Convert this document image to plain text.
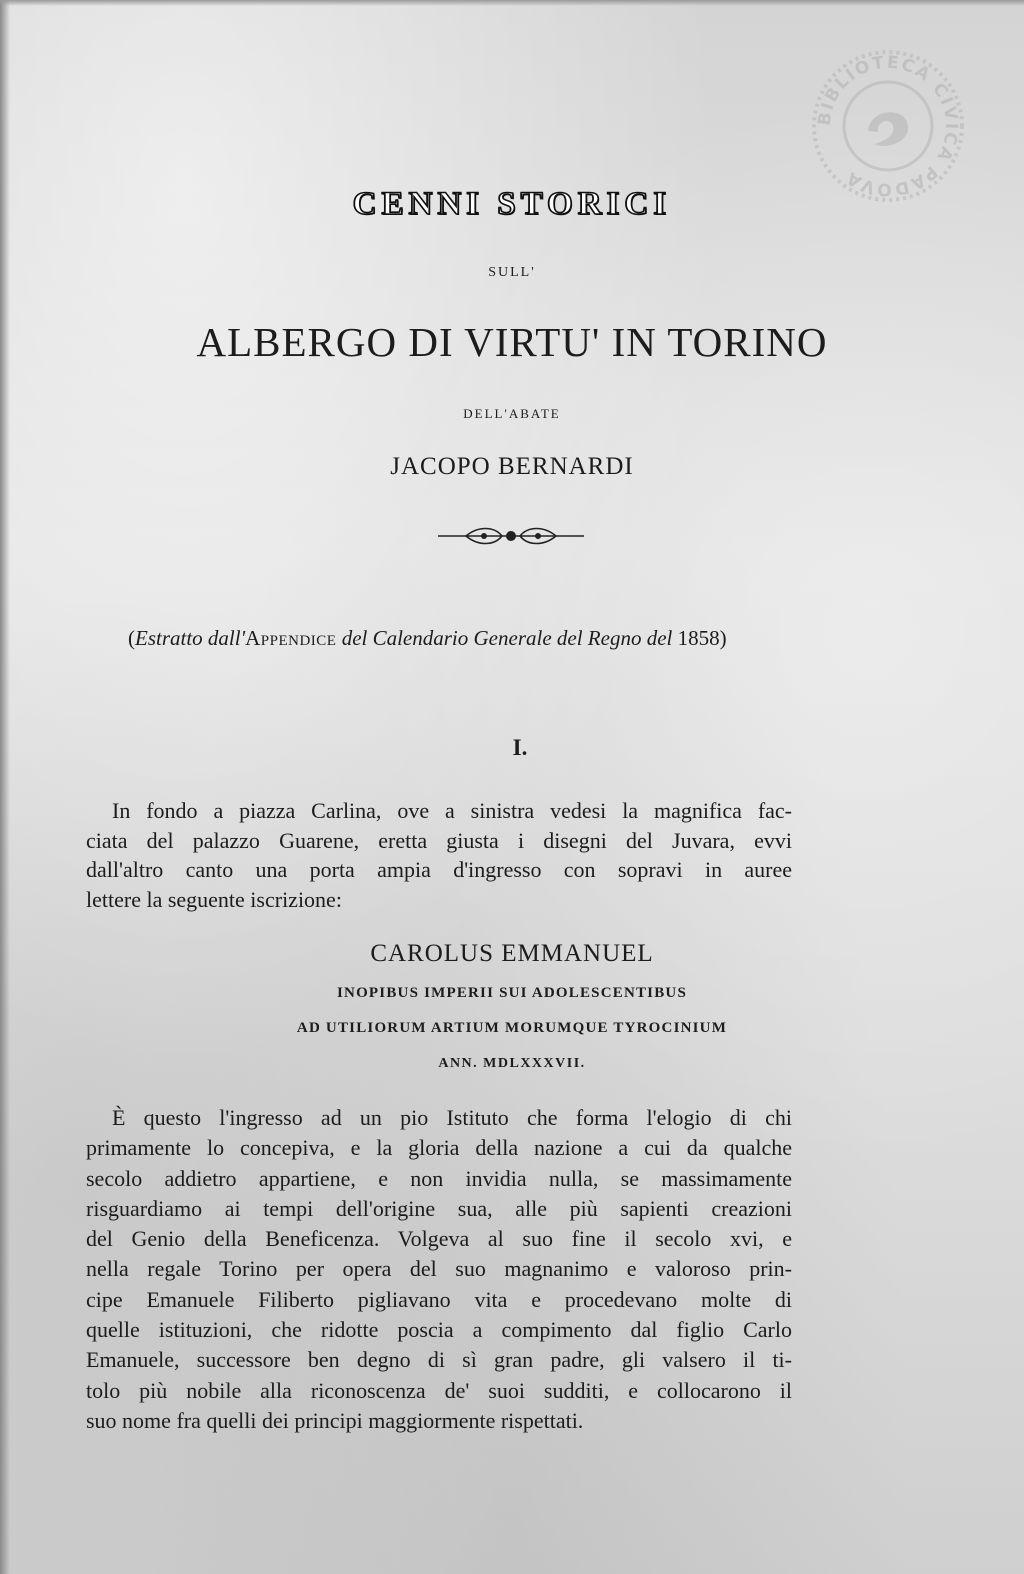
BIBLIOTECA CIVICA PADOVA
CENNI STORICI
SULL'
ALBERGO DI VIRTU' IN TORINO
DELL'ABATE
JACOPO BERNARDI
(Estratto dall'Appendice del Calendario Generale del Regno del 1858)
I.
In fondo a piazza Carlina, ove a sinistra vedesi la magnifica fac-
ciata del palazzo Guarene, eretta giusta i disegni del Juvara, evvi
dall'altro canto una porta ampia d'ingresso con sopravi in auree
lettere la seguente iscrizione:
CAROLUS EMMANUEL
INOPIBUS IMPERII SUI ADOLESCENTIBUS
AD UTILIORUM ARTIUM MORUMQUE TYROCINIUM
ANN. MDLXXXVII.
È questo l'ingresso ad un pio Istituto che forma l'elogio di chi
primamente lo concepiva, e la gloria della nazione a cui da qualche
secolo addietro appartiene, e non invidia nulla, se massimamente
risguardiamo ai tempi dell'origine sua, alle più sapienti creazioni
del Genio della Beneficenza. Volgeva al suo fine il secolo xvi, e
nella regale Torino per opera del suo magnanimo e valoroso prin-
cipe Emanuele Filiberto pigliavano vita e procedevano molte di
quelle istituzioni, che ridotte poscia a compimento dal figlio Carlo
Emanuele, successore ben degno di sì gran padre, gli valsero il ti-
tolo più nobile alla riconoscenza de' suoi sudditi, e collocarono il
suo nome fra quelli dei principi maggiormente rispettati.
